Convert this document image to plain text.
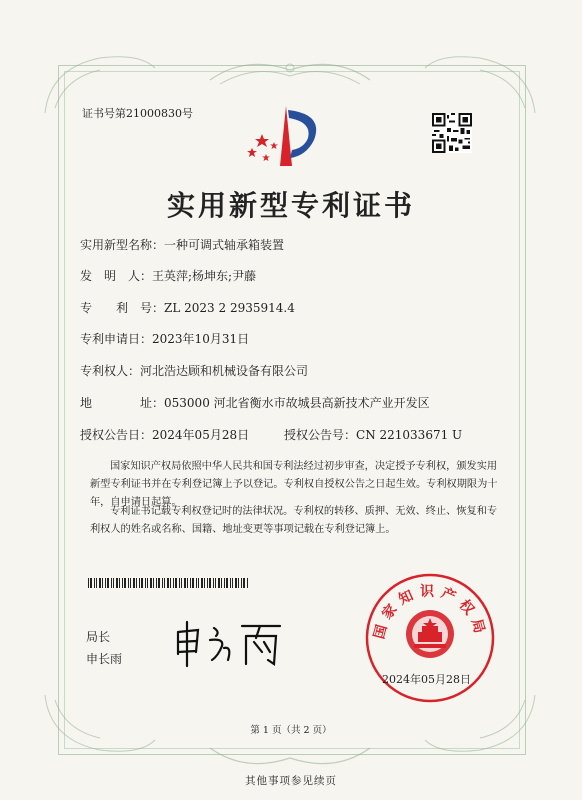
证书号第21000830号
实用新型专利证书
实用新型名称：一种可调式轴承箱装置
发　明　人：王英萍;杨坤东;尹藤
专　　利　号：ZL 2023 2 2935914.4
专利申请日：2023年10月31日
专利权人：河北浩达顾和机械设备有限公司
地　　　　址：053000 河北省衡水市故城县高新技术产业开发区
授权公告日：2024年05月28日	授权公告号：CN 221033671 U
国家知识产权局依照中华人民共和国专利法经过初步审查，决定授予专利权，颁发实用新型专利证书并在专利登记簿上予以登记。专利权自授权公告之日起生效。专利权期限为十年，自申请日起算。
专利证书记载专利权登记时的法律状况。专利权的转移、质押、无效、终止、恢复和专利权人的姓名或名称、国籍、地址变更等事项记载在专利登记簿上。
局长
申长雨
国家知识产权局
2024年05月28日
第 1 页（共 2 页）
其他事项参见续页
